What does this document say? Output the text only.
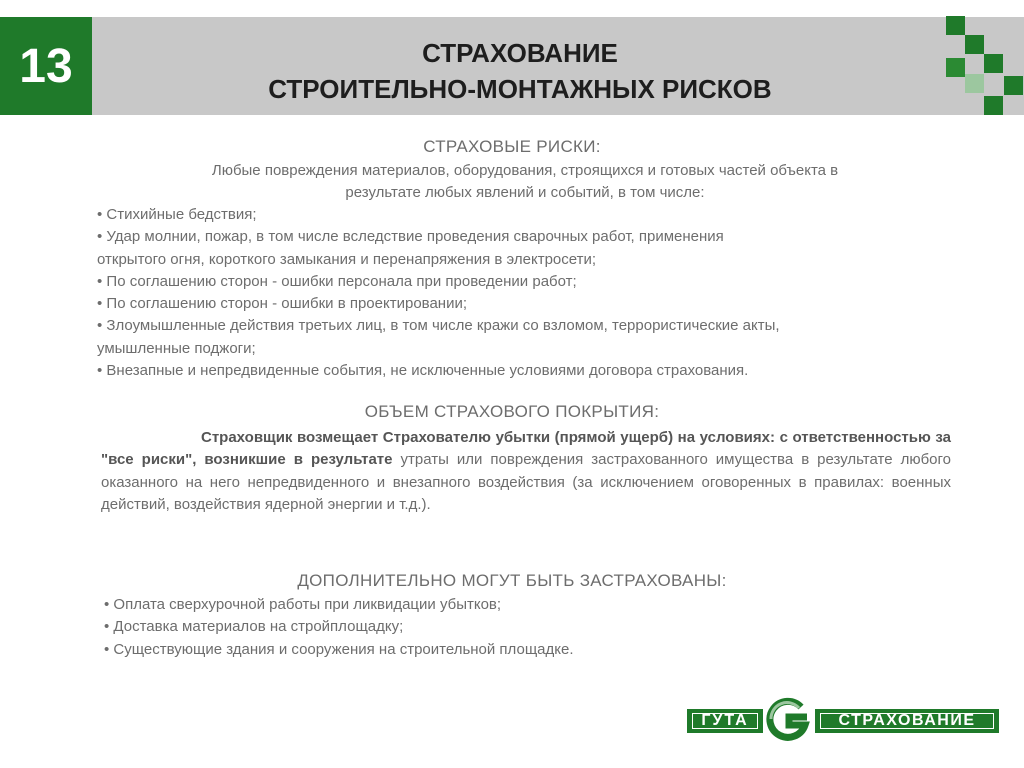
13	СТРАХОВАНИЕ
СТРОИТЕЛЬНО-МОНТАЖНЫХ РИСКОВ
СТРАХОВЫЕ РИСКИ:
Любые повреждения материалов, оборудования, строящихся и готовых частей объекта в
результате любых явлений и событий, в том числе:
• Стихийные бедствия;
• Удар молнии, пожар, в том числе вследствие проведения сварочных работ, применения
открытого огня, короткого замыкания и перенапряжения в электросети;
• По соглашению сторон - ошибки персонала при проведении работ;
• По соглашению сторон - ошибки в проектировании;
• Злоумышленные действия третьих лиц, в том числе кражи со взломом, террористические акты,
умышленные поджоги;
• Внезапные и непредвиденные события, не исключенные условиями договора страхования.
ОБЪЕМ СТРАХОВОГО ПОКРЫТИЯ:
Страховщик возмещает Страхователю убытки (прямой ущерб) на условиях: с ответственностью за "все риски", возникшие в результате утраты или повреждения застрахованного имущества в результате любого оказанного на него непредвиденного и внезапного воздействия (за исключением оговоренных в правилах: военных действий, воздействия ядерной энергии и т.д.).
ДОПОЛНИТЕЛЬНО МОГУТ БЫТЬ ЗАСТРАХОВАНЫ:
• Оплата сверхурочной работы при ликвидации убытков;
• Доставка материалов на стройплощадку;
• Существующие здания и сооружения на строительной площадке.
ГУТА	СТРАХОВАНИЕ
